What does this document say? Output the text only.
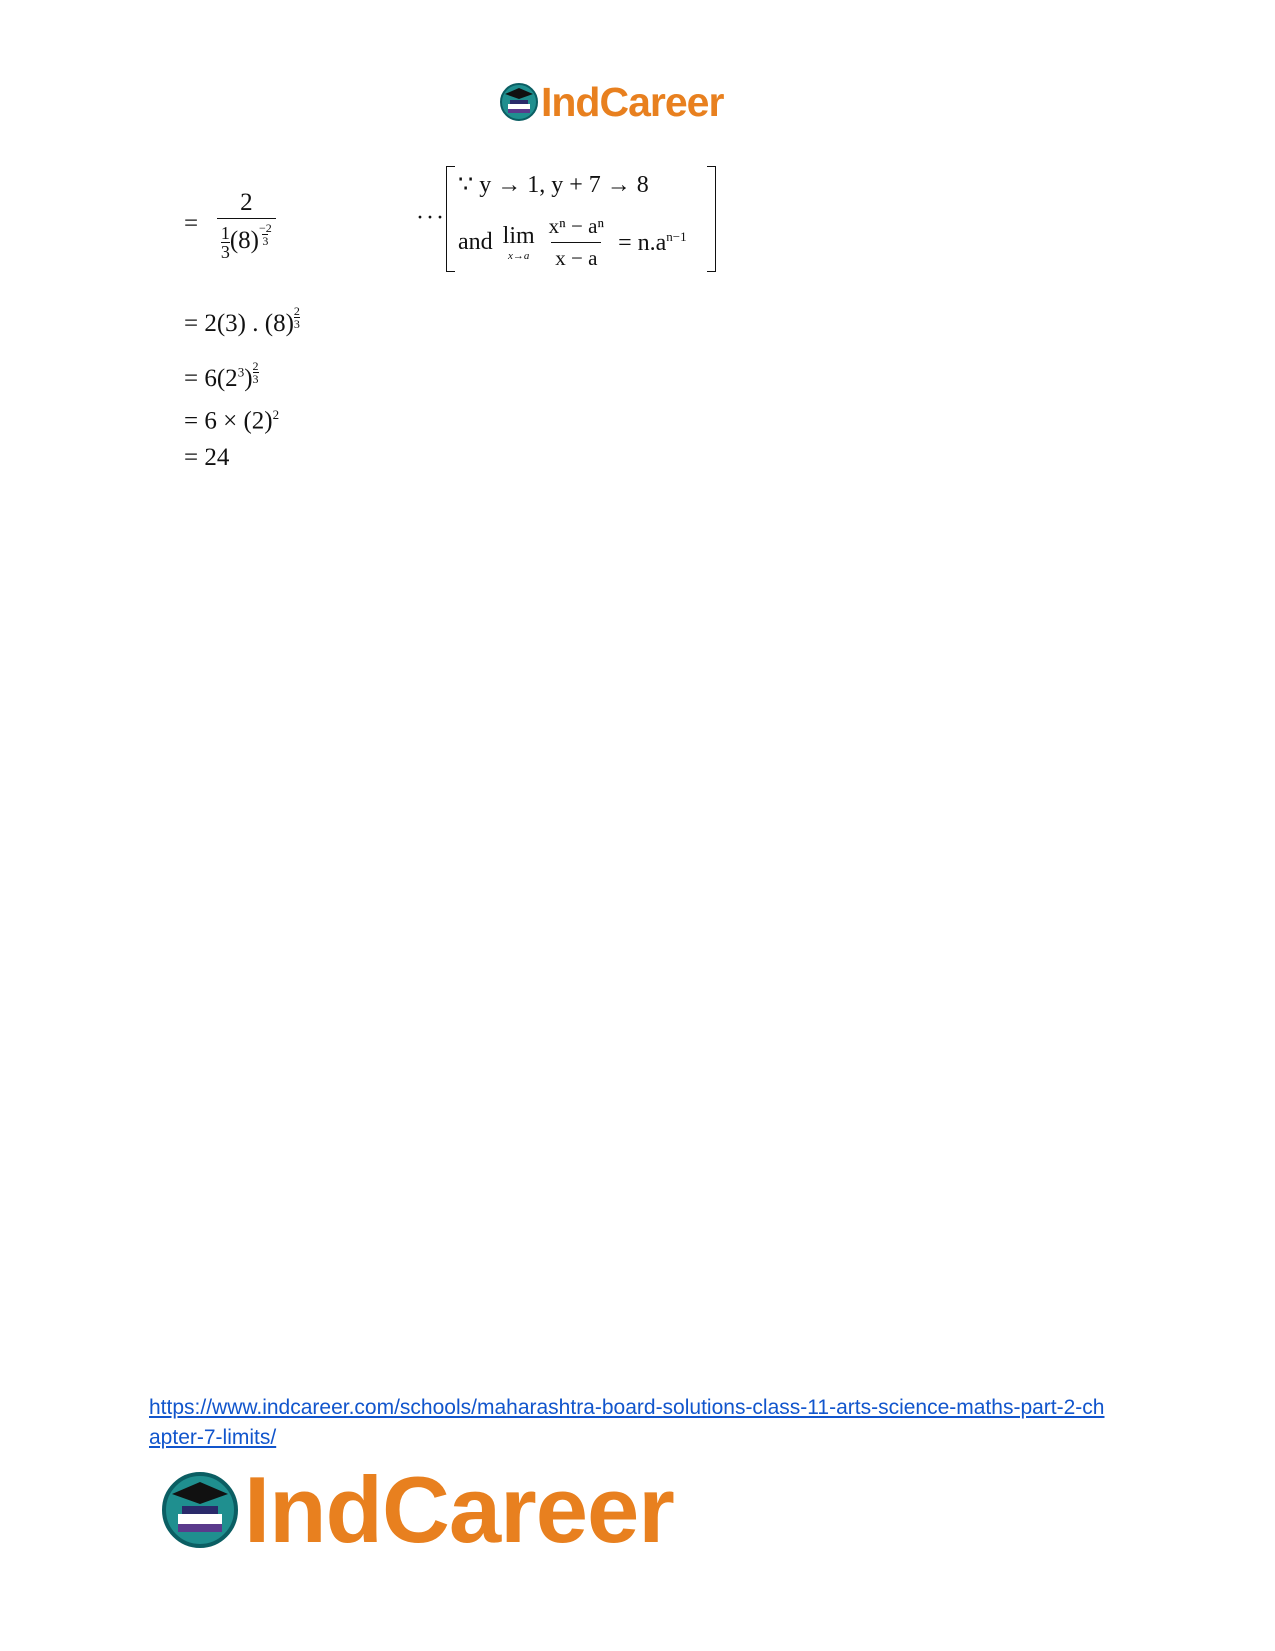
IndCareer
= $\frac{2}{\frac{1}{3} (8) \frac{-2}{3}}$	···
∵ y → 1, y + 7 → 8
and lim
$x\to a \frac{\text{xⁿ − aⁿ}}{x - a} = n.a^{n-1}$
= 2(3) . $(8) \frac{2}{3}$
= $6(2^3) \frac{2}{3}$
= $6 \times (2)^2$
= 24
https://www.indcareer.com/schools/maharashtra-board-solutions-class-11-arts-science-maths-part-2-chapter-7-limits/
IndCareer
